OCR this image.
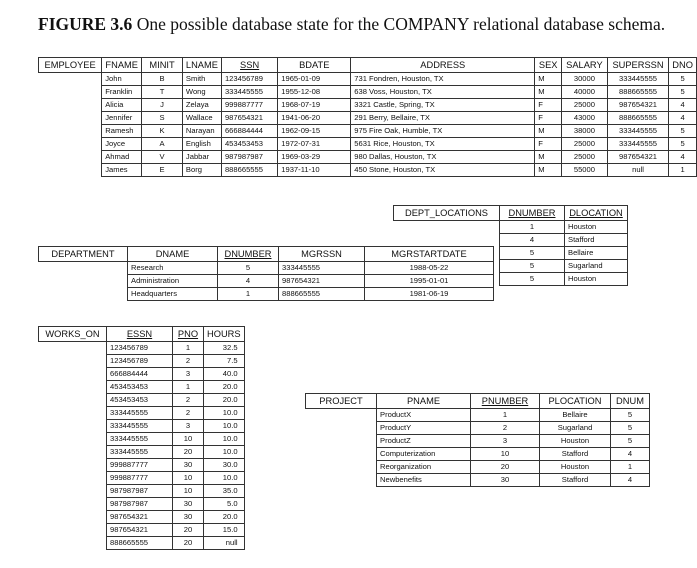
FIGURE 3.6 One possible database state for the COMPANY relational database schema.
EMPLOYEE	FNAME	MINIT	LNAME	SSN	BDATE	ADDRESS	SEX	SALARY	SUPERSSN	DNO
	John	B	Smith	123456789	1965-01-09	731 Fondren, Houston, TX	M	30000	333445555	5
	Franklin	T	Wong	333445555	1955-12-08	638 Voss, Houston, TX	M	40000	888665555	5
	Alicia	J	Zelaya	999887777	1968-07-19	3321 Castle, Spring, TX	F	25000	987654321	4
	Jennifer	S	Wallace	987654321	1941-06-20	291 Berry, Bellaire, TX	F	43000	888665555	4
	Ramesh	K	Narayan	666884444	1962-09-15	975 Fire Oak, Humble, TX	M	38000	333445555	5
	Joyce	A	English	453453453	1972-07-31	5631 Rice, Houston, TX	F	25000	333445555	5
	Ahmad	V	Jabbar	987987987	1969-03-29	980 Dallas, Houston, TX	M	25000	987654321	4
	James	E	Borg	888665555	1937-11-10	450 Stone, Houston, TX	M	55000	null	1
DEPT_LOCATIONS	DNUMBER	DLOCATION
	1	Houston
	4	Stafford
	5	Bellaire
	5	Sugarland
	5	Houston
DEPARTMENT	DNAME	DNUMBER	MGRSSN	MGRSTARTDATE
	Research	5	333445555	1988-05-22
	Administration	4	987654321	1995-01-01
	Headquarters	1	888665555	1981-06-19
WORKS_ON	ESSN	PNO	HOURS
	123456789	1	32.5
	123456789	2	7.5
	666884444	3	40.0
	453453453	1	20.0
	453453453	2	20.0
	333445555	2	10.0
	333445555	3	10.0
	333445555	10	10.0
	333445555	20	10.0
	999887777	30	30.0
	999887777	10	10.0
	987987987	10	35.0
	987987987	30	5.0
	987654321	30	20.0
	987654321	20	15.0
	888665555	20	null
PROJECT	PNAME	PNUMBER	PLOCATION	DNUM
	ProductX	1	Bellaire	5
	ProductY	2	Sugarland	5
	ProductZ	3	Houston	5
	Computerization	10	Stafford	4
	Reorganization	20	Houston	1
	Newbenefits	30	Stafford	4
